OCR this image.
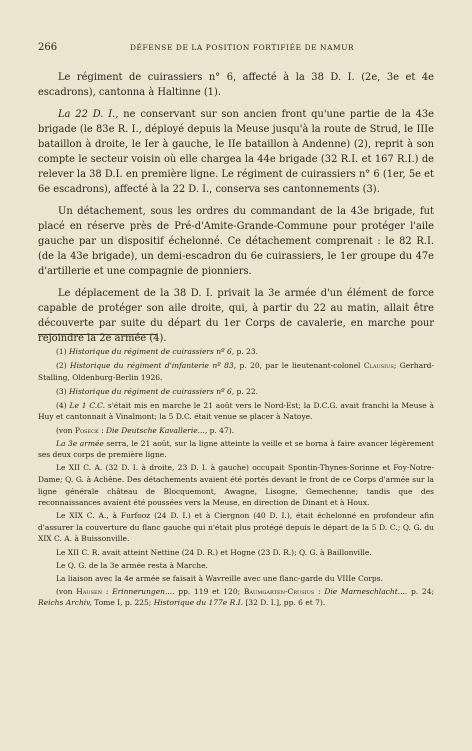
266	DÉFENSE DE LA POSITION FORTIFIÉE DE NAMUR

Le régiment de cuirassiers n° 6, affecté à la 38 D. I. (2e, 3e et 4e escadrons), cantonna à Haltinne (1).

La 22 D. I., ne conservant sur son ancien front qu'une partie de la 43e brigade (le 83e R. I., déployé depuis la Meuse jusqu'à la route de Strud, le IIIe bataillon à droite, le Ier à gauche, le IIe bataillon à Andenne) (2), reprit à son compte le secteur voisin où elle chargea la 44e brigade (32 R.I. et 167 R.I.) de relever la 38 D.I. en première ligne. Le régiment de cuirassiers n° 6 (1er, 5e et 6e escadrons), affecté à la 22 D. I., conserva ses cantonnements (3).

Un détachement, sous les ordres du commandant de la 43e brigade, fut placé en réserve près de Pré-d'Amite-Grande-Commune pour protéger l'aile gauche par un dispositif échelonné. Ce détachement comprenait : le 82 R.I. (de la 43e brigade), un demi-escadron du 6e cuirassiers, le 1er groupe du 47e d'artillerie et une compagnie de pionniers.

Le déplacement de la 38 D. I. privait la 3e armée d'un élément de force capable de protéger son aile droite, qui, à partir du 22 au matin, allait être découverte par suite du départ du 1er Corps de cavalerie, en marche pour rejoindre la 2e armée (4).

(1) Historique du régiment de cuirassiers nº 6, p. 23.

(2) Historique du régiment d'infanterie nº 83, p. 20, par le lieutenant-colonel Clausius; Gerhard-Stalling, Oldenburg-Berlin 1926.

(3) Historique du régiment de cuirassiers nº 6, p. 22.

(4) Le 1 C.C. s'était mis en marche le 21 août vers le Nord-Est; la D.C.G. avait franchi la Meuse à Huy et cantonnait à Vinalmont; la 5 D.C. était venue se placer à Natoye.

(von Poseck : Die Deutsche Kavallerie..., p. 47).

La 3e armée serra, le 21 août, sur la ligne atteinte la veille et se borna à faire avancer légèrement ses deux corps de première ligne.

Le XII C. A. (32 D. I. à droite, 23 D. I. à gauche) occupait Spontin-Thynes-Sorinne et Foy-Notre-Dame; Q. G. à Achêne. Des détachements avaient été portés devant le front de ce Corps d'armée sur la ligne générale château de Blocquemont, Awagne, Lisogne, Gemechenne; tandis que des reconnaissances avaient été poussées vers la Meuse, en direction de Dinant et à Houx.

Le XIX C. A., à Furfooz (24 D. I.) et à Ciergnon (40 D. I.), était échelonné en profondeur afin d'assurer la couverture du flanc gauche qui n'était plus protégé depuis le départ de la 5 D. C.; Q. G. du XIX C. A. à Buissonville.

Le XII C. R. avait atteint Nettine (24 D. R.) et Hogne (23 D. R.); Q. G. à Baillonville.

Le Q. G. de la 3e armée resta à Marche.

La liaison avec la 4e armée se faisait à Wavreille avec une flanc-garde du VIIIe Corps.

(von Hausen : Erinnerungen.... pp. 119 et 120; Baumgarten-Crusius : Die Marneschlacht.... p. 24; Reichs Archiv, Tome I, p. 225; Historique du 177e R.I. [32 D. I.], pp. 6 et 7).
